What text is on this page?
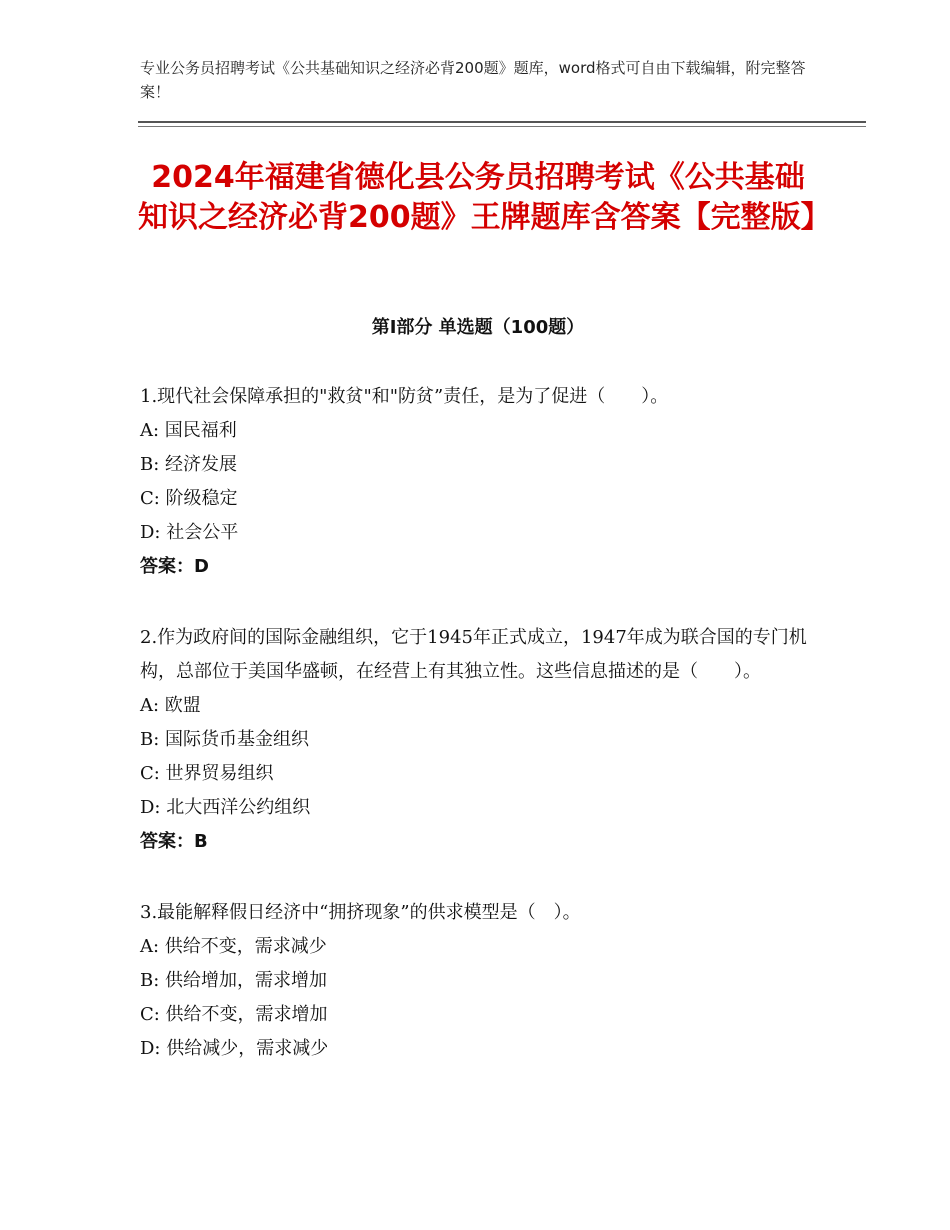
专业公务员招聘考试《公共基础知识之经济必背200题》题库，word格式可自由下载编辑，附完整答案！
2024年福建省德化县公务员招聘考试《公共基础知识之经济必背200题》王牌题库含答案【完整版】
第Ⅰ部分 单选题（100题）

1.现代社会保障承担的"救贫"和"防贫”责任，是为了促进（　　）。

A: 国民福利

B: 经济发展

C: 阶级稳定

D: 社会公平

答案：D

2.作为政府间的国际金融组织，它于1945年正式成立，1947年成为联合国的专门机构，总部位于美国华盛顿，在经营上有其独立性。这些信息描述的是（　　）。

A: 欧盟

B: 国际货币基金组织

C: 世界贸易组织

D: 北大西洋公约组织

答案：B

3.最能解释假日经济中“拥挤现象”的供求模型是（　）。

A: 供给不变，需求减少

B: 供给增加，需求增加

C: 供给不变，需求增加

D: 供给减少，需求减少
